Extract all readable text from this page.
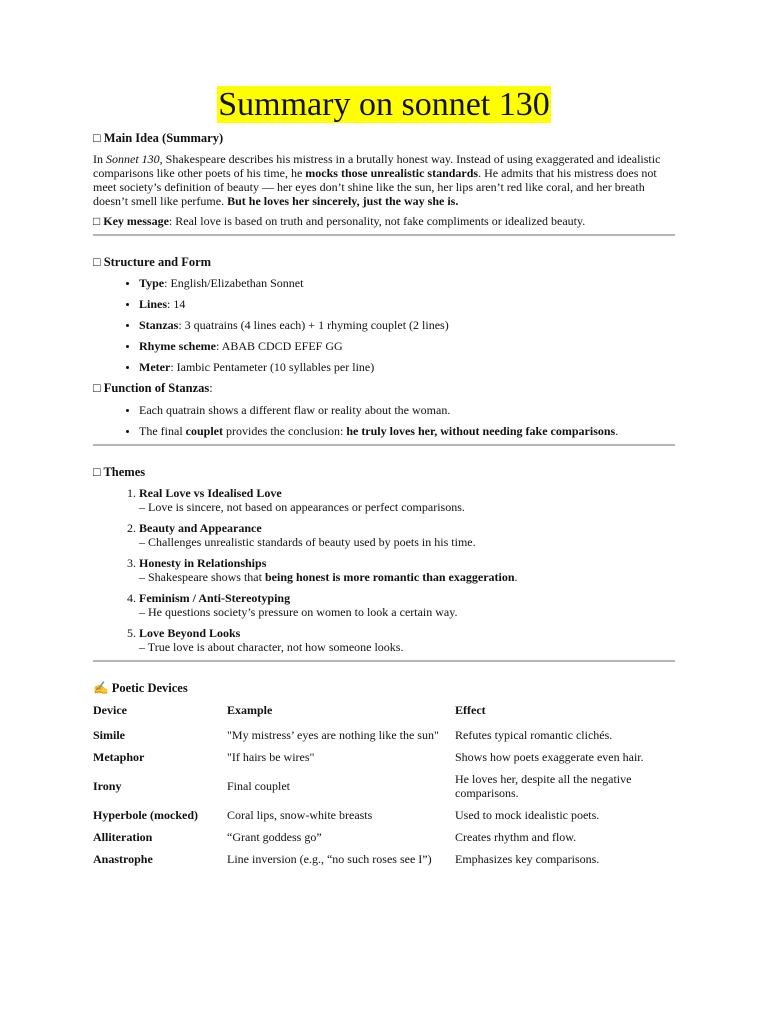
Summary on sonnet 130
□ Main Idea (Summary)

In Sonnet 130, Shakespeare describes his mistress in a brutally honest way. Instead of using exaggerated and idealistic comparisons like other poets of his time, he mocks those unrealistic standards. He admits that his mistress does not meet society’s definition of beauty — her eyes don’t shine like the sun, her lips aren’t red like coral, and her breath doesn’t smell like perfume. But he loves her sincerely, just the way she is.

□ Key message: Real love is based on truth and personality, not fake compliments or idealized beauty.

□ Structure and Form
• Type: English/Elizabethan Sonnet
• Lines: 14
• Stanzas: 3 quatrains (4 lines each) + 1 rhyming couplet (2 lines)
• Rhyme scheme: ABAB CDCD EFEF GG
• Meter: Iambic Pentameter (10 syllables per line)
□ Function of Stanzas:
• Each quatrain shows a different flaw or reality about the woman.
• The final couplet provides the conclusion: he truly loves her, without needing fake comparisons.
□ Themes
1. Real Love vs Idealised Love
– Love is sincere, not based on appearances or perfect comparisons.
2. Beauty and Appearance
– Challenges unrealistic standards of beauty used by poets in his time.
3. Honesty in Relationships
– Shakespeare shows that being honest is more romantic than exaggeration.
4. Feminism / Anti-Stereotyping
– He questions society’s pressure on women to look a certain way.
5. Love Beyond Looks
– True love is about character, not how someone looks.
✍ Poetic Devices
Device	Example	Effect
Simile	"My mistress’ eyes are nothing like the sun"	Refutes typical romantic clichés.
Metaphor	"If hairs be wires"	Shows how poets exaggerate even hair.
Irony	Final couplet	He loves her, despite all the negative comparisons.
Hyperbole (mocked)	Coral lips, snow-white breasts	Used to mock idealistic poets.
Alliteration	“Grant goddess go”	Creates rhythm and flow.
Anastrophe	Line inversion (e.g., “no such roses see I”)	Emphasizes key comparisons.
